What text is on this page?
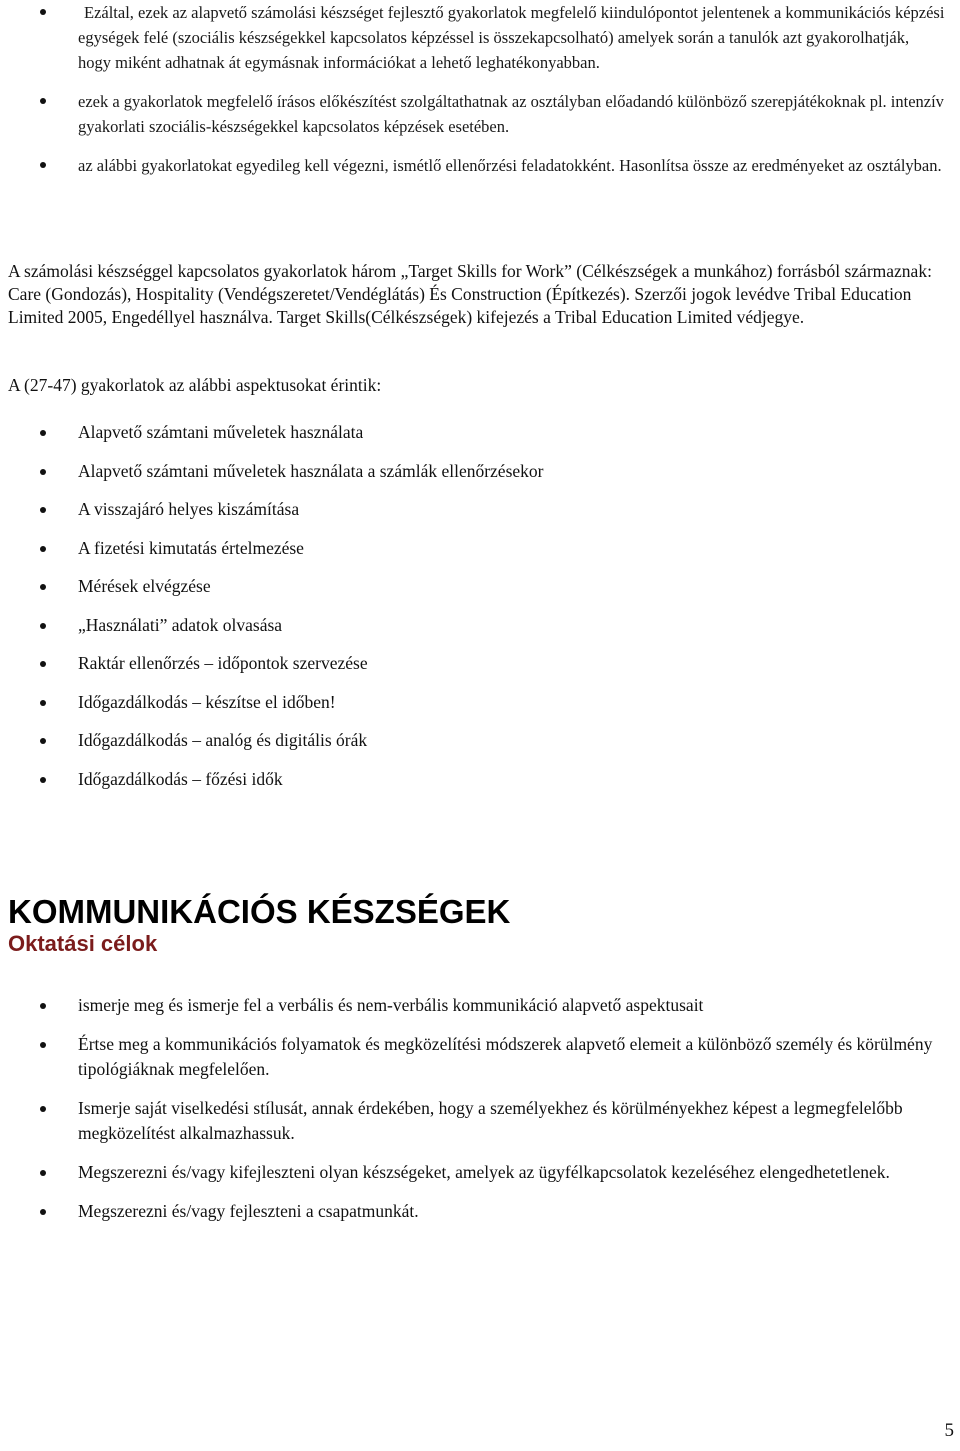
Ezáltal, ezek az alapvető számolási készséget fejlesztő gyakorlatok megfelelő kiindulópontot jelentenek a kommunikációs képzési egységek felé (szociális készségekkel kapcsolatos képzéssel is összekapcsolható) amelyek során a tanulók azt gyakorolhatják, hogy miként adhatnak át egymásnak információkat a lehető leghatékonyabban.
ezek a gyakorlatok megfelelő írásos előkészítést szolgáltathatnak az osztályban előadandó különböző szerepjátékoknak pl. intenzív gyakorlati szociális-készségekkel kapcsolatos képzések esetében.
az alábbi gyakorlatokat egyedileg kell végezni, ismétlő ellenőrzési feladatokként. Hasonlítsa össze az eredményeket az osztályban.

A számolási készséggel kapcsolatos gyakorlatok három „Target Skills for Work” (Célkészségek a munkához) forrásból származnak: Care (Gondozás), Hospitality (Vendégszeretet/Vendéglátás) És Construction (Építkezés). Szerzői jogok levédve Tribal Education Limited 2005, Engedéllyel használva. Target Skills(Célkészségek) kifejezés a Tribal Education Limited védjegye.

A (27-47) gyakorlatok az alábbi aspektusokat érintik:

Alapvető számtani műveletek használata
Alapvető számtani műveletek használata a számlák ellenőrzésekor
A visszajáró helyes kiszámítása
A fizetési kimutatás értelmezése
Mérések elvégzése
„Használati” adatok olvasása
Raktár ellenőrzés – időpontok szervezése
Időgazdálkodás – készítse el időben!
Időgazdálkodás – analóg és digitális órák
Időgazdálkodás – főzési idők
KOMMUNIKÁCIÓS KÉSZSÉGEK
Oktatási célok
ismerje meg és ismerje fel a verbális és nem-verbális kommunikáció alapvető aspektusait
Értse meg a kommunikációs folyamatok és megközelítési módszerek alapvető elemeit a különböző személy és körülmény tipológiáknak megfelelően.
Ismerje saját viselkedési stílusát, annak érdekében, hogy a személyekhez és körülményekhez képest a legmegfelelőbb megközelítést alkalmazhassuk.
Megszerezni és/vagy kifejleszteni olyan készségeket, amelyek az ügyfélkapcsolatok kezeléséhez elengedhetetlenek.
Megszerezni és/vagy fejleszteni a csapatmunkát.
5
